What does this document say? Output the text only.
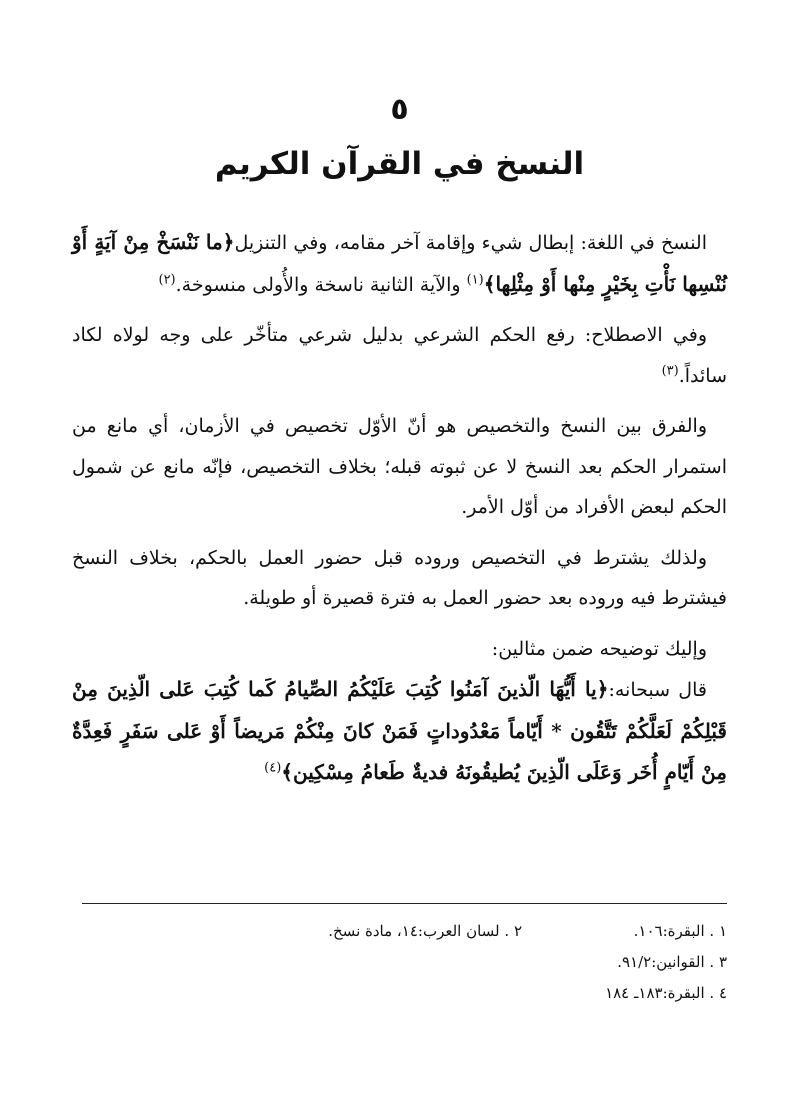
٥
النسخ في القرآن الكريم

النسخ في اللغة: إبطال شيء وإقامة آخر مقامه، وفي التنزيل﴿ما نَنْسَخْ مِنْ آيَةٍ أَوْ نُنْسِها نَأْتِ بِخَيْرٍ مِنْها أَوْ مِثْلِها﴾$^{(١)}$ والآية الثانية ناسخة والأُولى منسوخة.$^{(٢)}$

وفي الاصطلاح: رفع الحكم الشرعي بدليل شرعي متأخّر على وجه لولاه لكاد سائداً.$^{(٣)}$

والفرق بين النسخ والتخصيص هو أنّ الأوّل تخصيص في الأزمان، أي مانع من استمرار الحكم بعد النسخ لا عن ثبوته قبله؛ بخلاف التخصيص، فإنّه مانع عن شمول الحكم لبعض الأفراد من أوّل الأمر.

ولذلك يشترط في التخصيص وروده قبل حضور العمل بالحكم، بخلاف النسخ فيشترط فيه وروده بعد حضور العمل به فترة قصيرة أو طويلة.

وإليك توضيحه ضمن مثالين:

قال سبحانه:﴿يا أَيُّهَا الّذينَ آمَنُوا كُتِبَ عَلَيْكُمُ الصِّيامُ كَما كُتِبَ عَلى الّذِينَ مِنْ قَبْلِكُمْ لَعَلَّكُمْ تَتَّقُون * أَيّاماً مَعْدُوداتٍ فَمَنْ كانَ مِنْكُمْ مَريضاً أَوْ عَلى سَفَرٍ فَعِدَّةٌ مِنْ أَيّامٍ أُخَر وَعَلَى الّذِينَ يُطيقُونَهُ فديةٌ طَعامُ مِسْكِين﴾$^{(٤)}$

١ . البقرة:١٠٦.
٢ . لسان العرب:١٤، مادة نسخ.
٣ . القوانين:٩١/٢.
٤ . البقرة:١٨٣ـ ١٨٤
